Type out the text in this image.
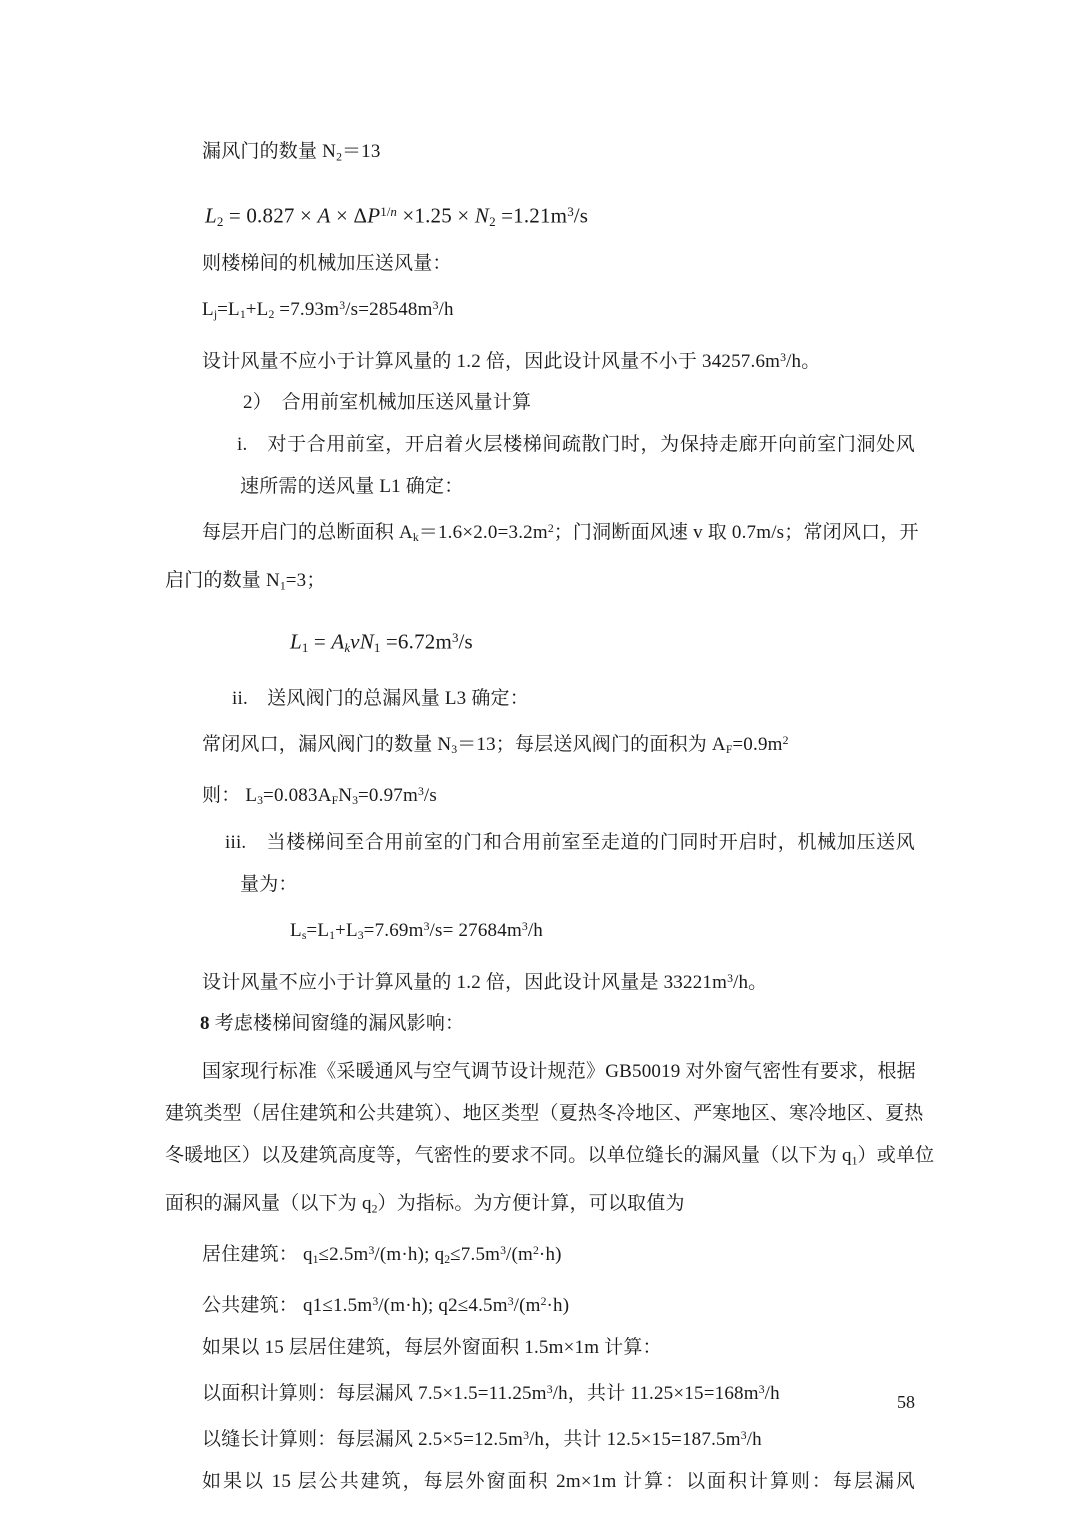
漏风门的数量 $N_2=13$
$L_2 = 0.827 \times A \times \Delta P^{1/n} \times 1.25 \times N_2 =1.21m^3/s$
则楼梯间的机械加压送风量：
$L_j=L_1+L_2 =7.93m^3/s=28548m^3/h$
设计风量不应小于计算风量的 1.2 倍，因此设计风量不小于 $34257.6m^3/h$。
2）　合用前室机械加压送风量计算
i.　对于合用前室，开启着火层楼梯间疏散门时，为保持走廊开向前室门洞处风
速所需的送风量 L1 确定：
每层开启门的总断面积 $A_k=1.6\times 2.0=3.2m^2$；门洞断面风速 v 取 0.7m/s；常闭风口，开
启门的数量 $N_1=3$；
$L_1 = A_kvN_1 =6.72m^3/s$
ii.　送风阀门的总漏风量 L3 确定：
常闭风口，漏风阀门的数量 $N_3=13$；每层送风阀门的面积为 $A_F=0.9m^2$
则： $L_3=0.083A_FN_3=0.97m^3/s$
iii.　当楼梯间至合用前室的门和合用前室至走道的门同时开启时，机械加压送风
量为：
$L_s=L_1+L_3=7.69m^3/s= 27684m^3/h$
设计风量不应小于计算风量的 1.2 倍，因此设计风量是 $33221m^3/h$。
8 考虑楼梯间窗缝的漏风影响：
国家现行标准《采暖通风与空气调节设计规范》GB50019 对外窗气密性有要求，根据
建筑类型（居住建筑和公共建筑）、地区类型（夏热冬冷地区、严寒地区、寒冷地区、夏热
冬暖地区）以及建筑高度等，气密性的要求不同。以单位缝长的漏风量（以下为 $q_1$）或单位
面积的漏风量（以下为 $q_2$）为指标。为方便计算，可以取值为
居住建筑： $q_1\le 2.5m^3/(m\cdot h)$; $q_2\le 7.5m^3/(m^2\cdot h)$
公共建筑： $q1\le 1.5m^3/(m\cdot h)$; $q2\le 4.5m^3/(m^2\cdot h)$
如果以 15 层居住建筑，每层外窗面积 1.5m×1m 计算：
以面积计算则：每层漏风 $7.5\times 1.5=11.25m^3/h$，共计 $11.25\times 15=168m^3/h$
以缝长计算则：每层漏风 $2.5\times 5=12.5m^3/h$，共计 $12.5\times 15=187.5m^3/h$
如果以 15 层公共建筑，每层外窗面积 2m×1m 计算：以面积计算则：每层漏风
58
